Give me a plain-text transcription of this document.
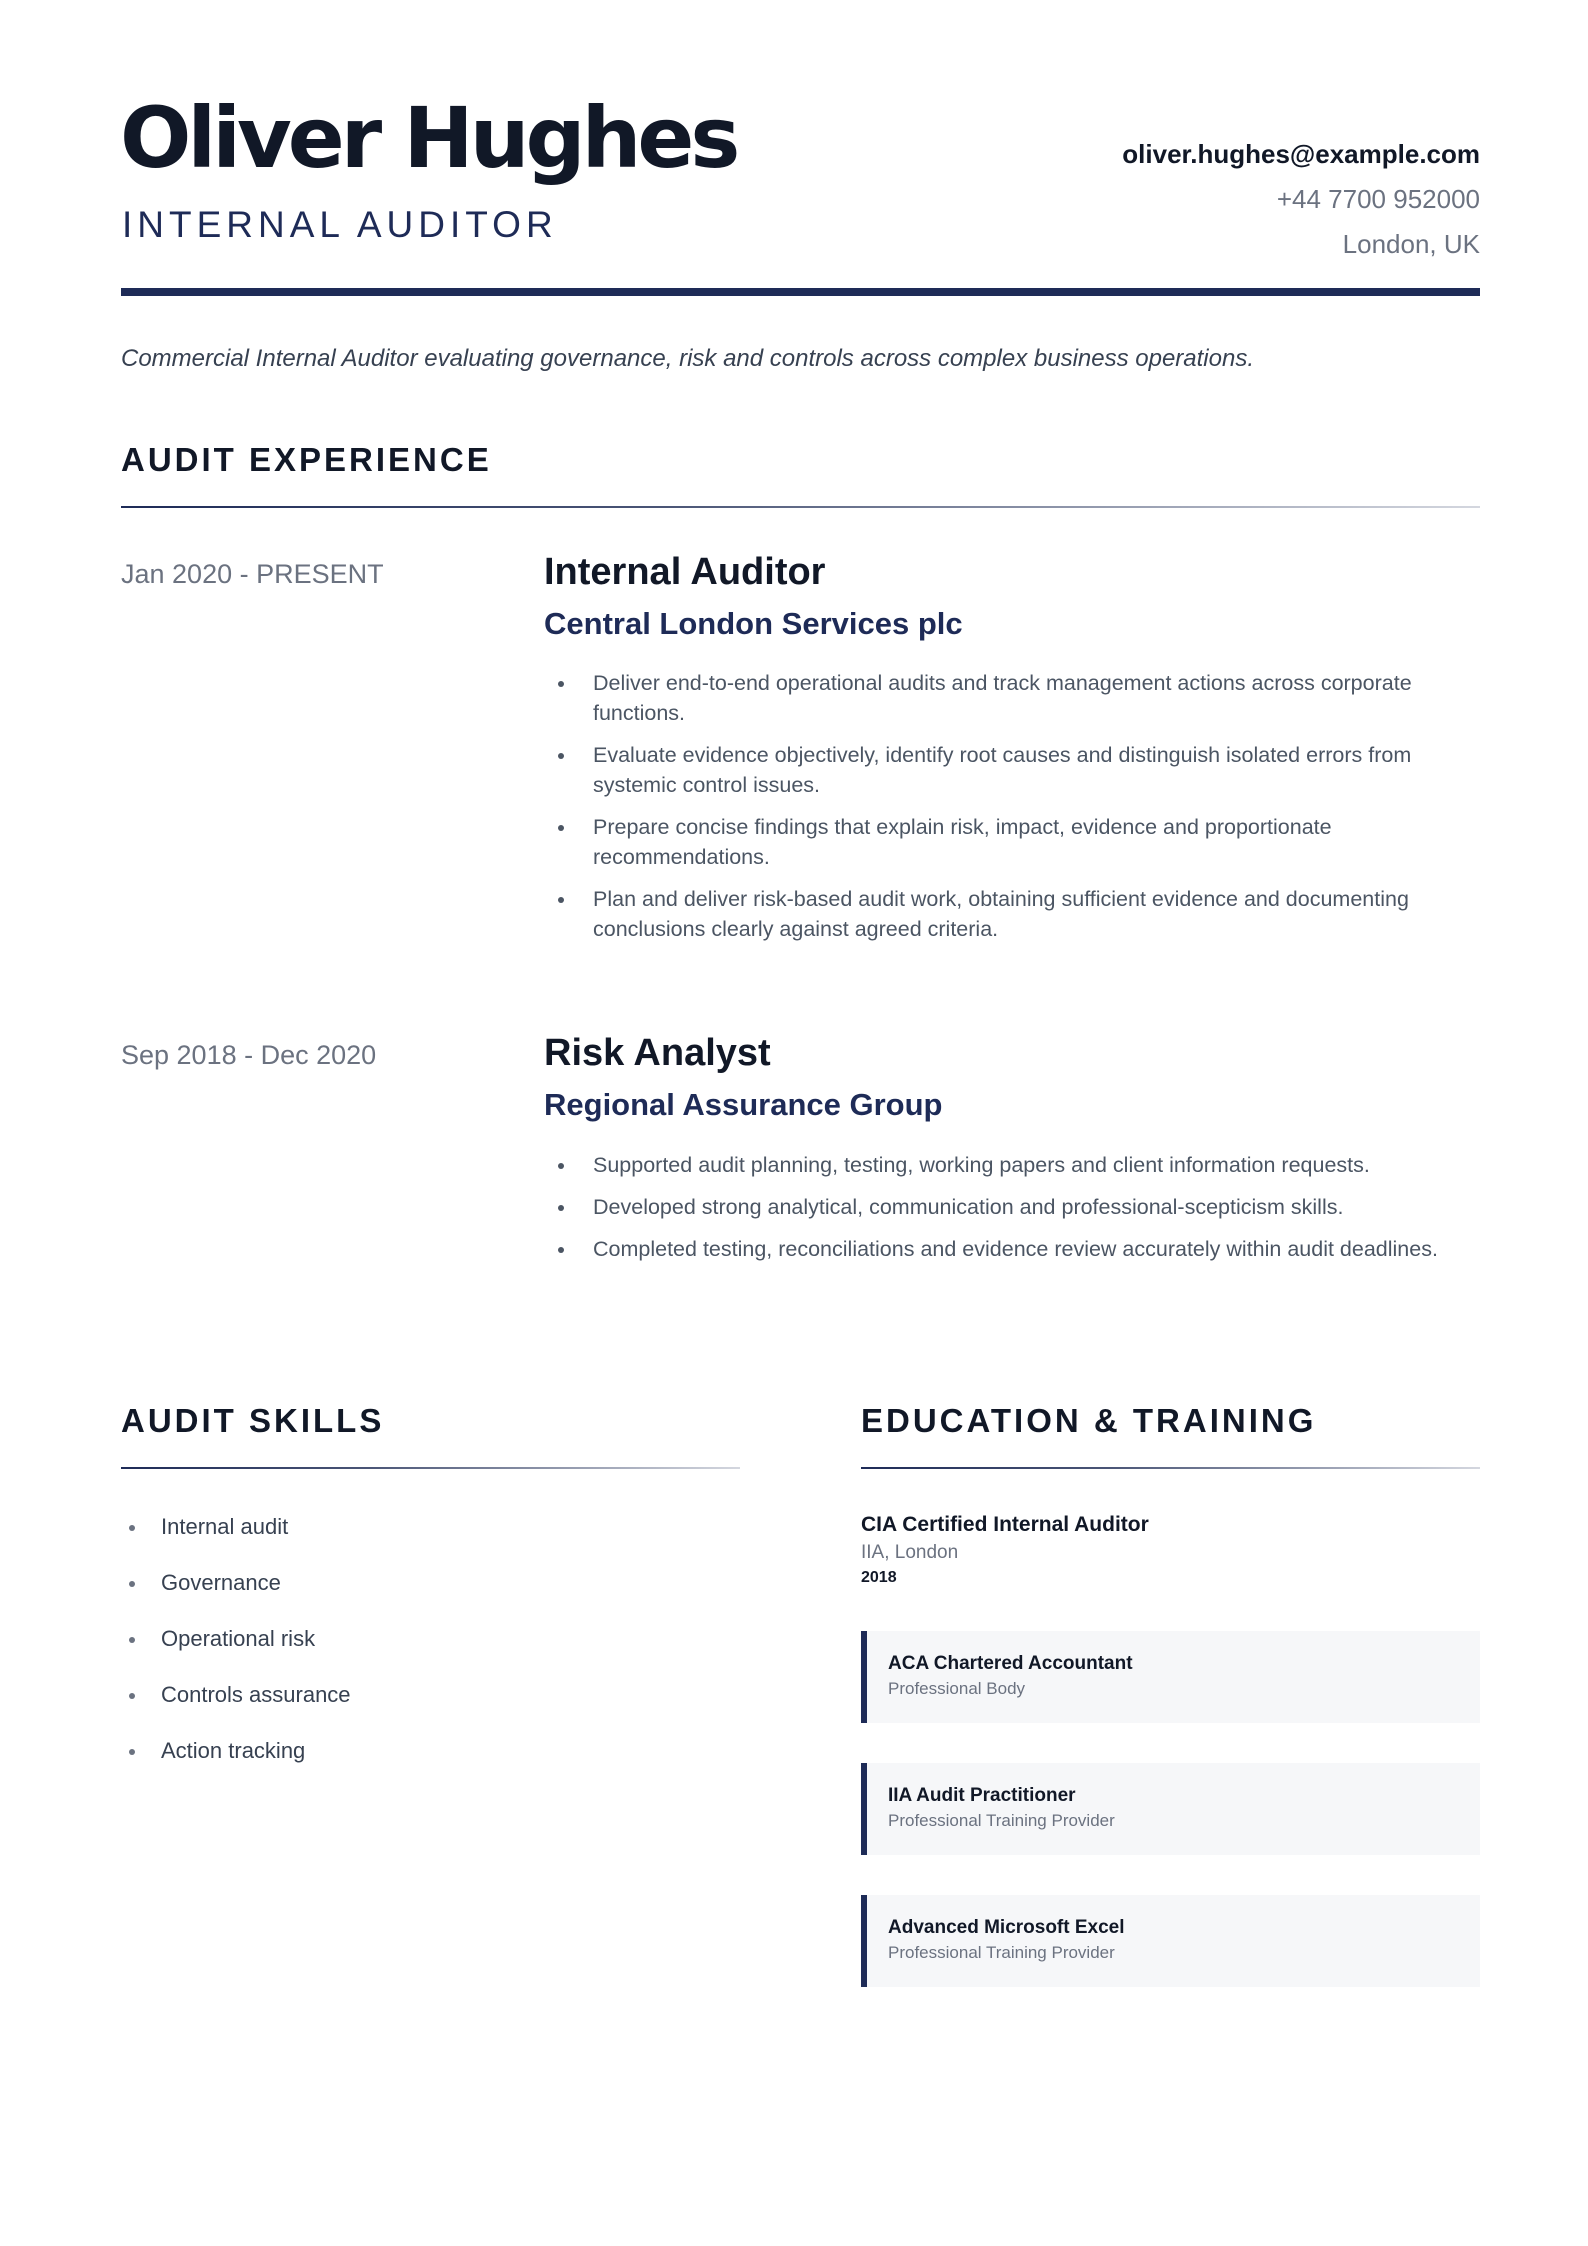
Oliver Hughes
INTERNAL AUDITOR
oliver.hughes@example.com
+44 7700 952000
London, UK
Commercial Internal Auditor evaluating governance, risk and controls across complex business operations.
AUDIT EXPERIENCE
Jan 2020 - PRESENT	Internal Auditor
Central London Services plc
Deliver end-to-end operational audits and track management actions across corporate functions.
Evaluate evidence objectively, identify root causes and distinguish isolated errors from systemic control issues.
Prepare concise findings that explain risk, impact, evidence and proportionate recommendations.
Plan and deliver risk-based audit work, obtaining sufficient evidence and documenting conclusions clearly against agreed criteria.
Sep 2018 - Dec 2020	Risk Analyst
Regional Assurance Group
Supported audit planning, testing, working papers and client information requests.
Developed strong analytical, communication and professional-scepticism skills.
Completed testing, reconciliations and evidence review accurately within audit deadlines.
AUDIT SKILLS
Internal audit
Governance
Operational risk
Controls assurance
Action tracking
EDUCATION & TRAINING
CIA Certified Internal Auditor
IIA, London
2018
ACA Chartered Accountant
Professional Body
IIA Audit Practitioner
Professional Training Provider
Advanced Microsoft Excel
Professional Training Provider
